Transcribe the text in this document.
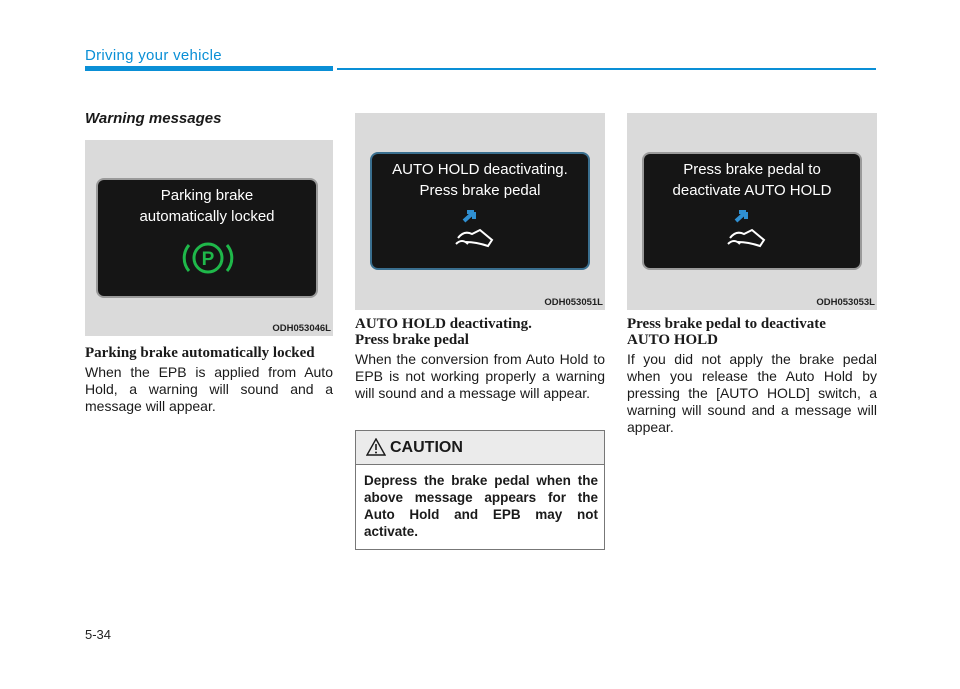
Driving your vehicle
Warning messages
Parking brake
automatically locked
P
ODH053046L
Parking brake automatically locked
When the EPB is applied from Auto Hold, a warning will sound and a message will appear.
AUTO HOLD deactivating.
Press brake pedal
ODH053051L
AUTO HOLD deactivating.
Press brake pedal
When the conversion from Auto Hold to EPB is not working properly a warning will sound and a message will appear.
CAUTION
Depress the brake pedal when the above message appears for the Auto Hold and EPB may not activate.
Press brake pedal to
deactivate AUTO HOLD
ODH053053L
Press brake pedal to deactivate
AUTO HOLD
If you did not apply the brake pedal when you release the Auto Hold by pressing the [AUTO HOLD] switch, a warning will sound and a message will appear.
5-34
